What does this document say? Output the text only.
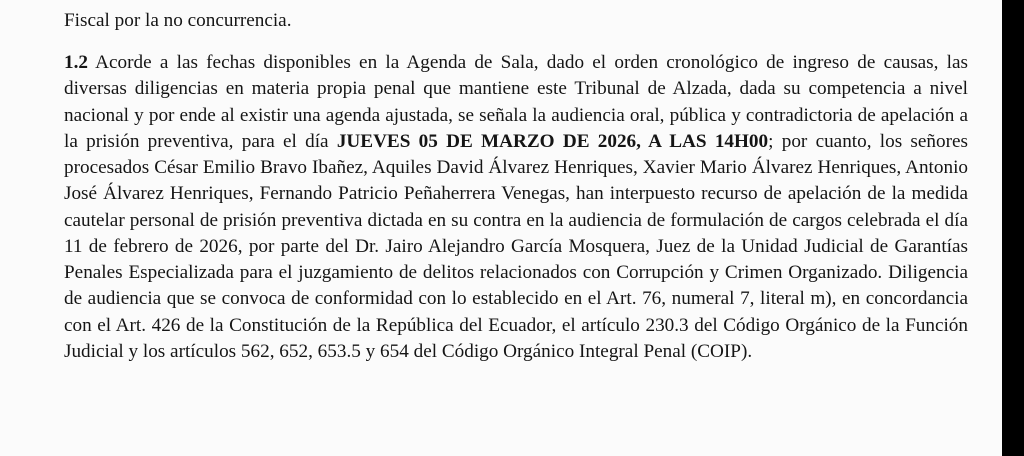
Fiscal por la no concurrencia.

1.2 Acorde a las fechas disponibles en la Agenda de Sala, dado el orden cronológico de ingreso de causas, las diversas diligencias en materia propia penal que mantiene este Tribunal de Alzada, dada su competencia a nivel nacional y por ende al existir una agenda ajustada, se señala la audiencia oral, pública y contradictoria de apelación a la prisión preventiva, para el día JUEVES 05 DE MARZO DE 2026, A LAS 14H00; por cuanto, los señores procesados César Emilio Bravo Ibañez, Aquiles David Álvarez Henriques, Xavier Mario Álvarez Henriques, Antonio José Álvarez Henriques, Fernando Patricio Peñaherrera Venegas, han interpuesto recurso de apelación de la medida cautelar personal de prisión preventiva dictada en su contra en la audiencia de formulación de cargos celebrada el día 11 de febrero de 2026, por parte del Dr. Jairo Alejandro García Mosquera, Juez de la Unidad Judicial de Garantías Penales Especializada para el juzgamiento de delitos relacionados con Corrupción y Crimen Organizado. Diligencia de audiencia que se convoca de conformidad con lo establecido en el Art. 76, numeral 7, literal m), en concordancia con el Art. 426 de la Constitución de la República del Ecuador, el artículo 230.3 del Código Orgánico de la Función Judicial y los artículos 562, 652, 653.5 y 654 del Código Orgánico Integral Penal (COIP).
